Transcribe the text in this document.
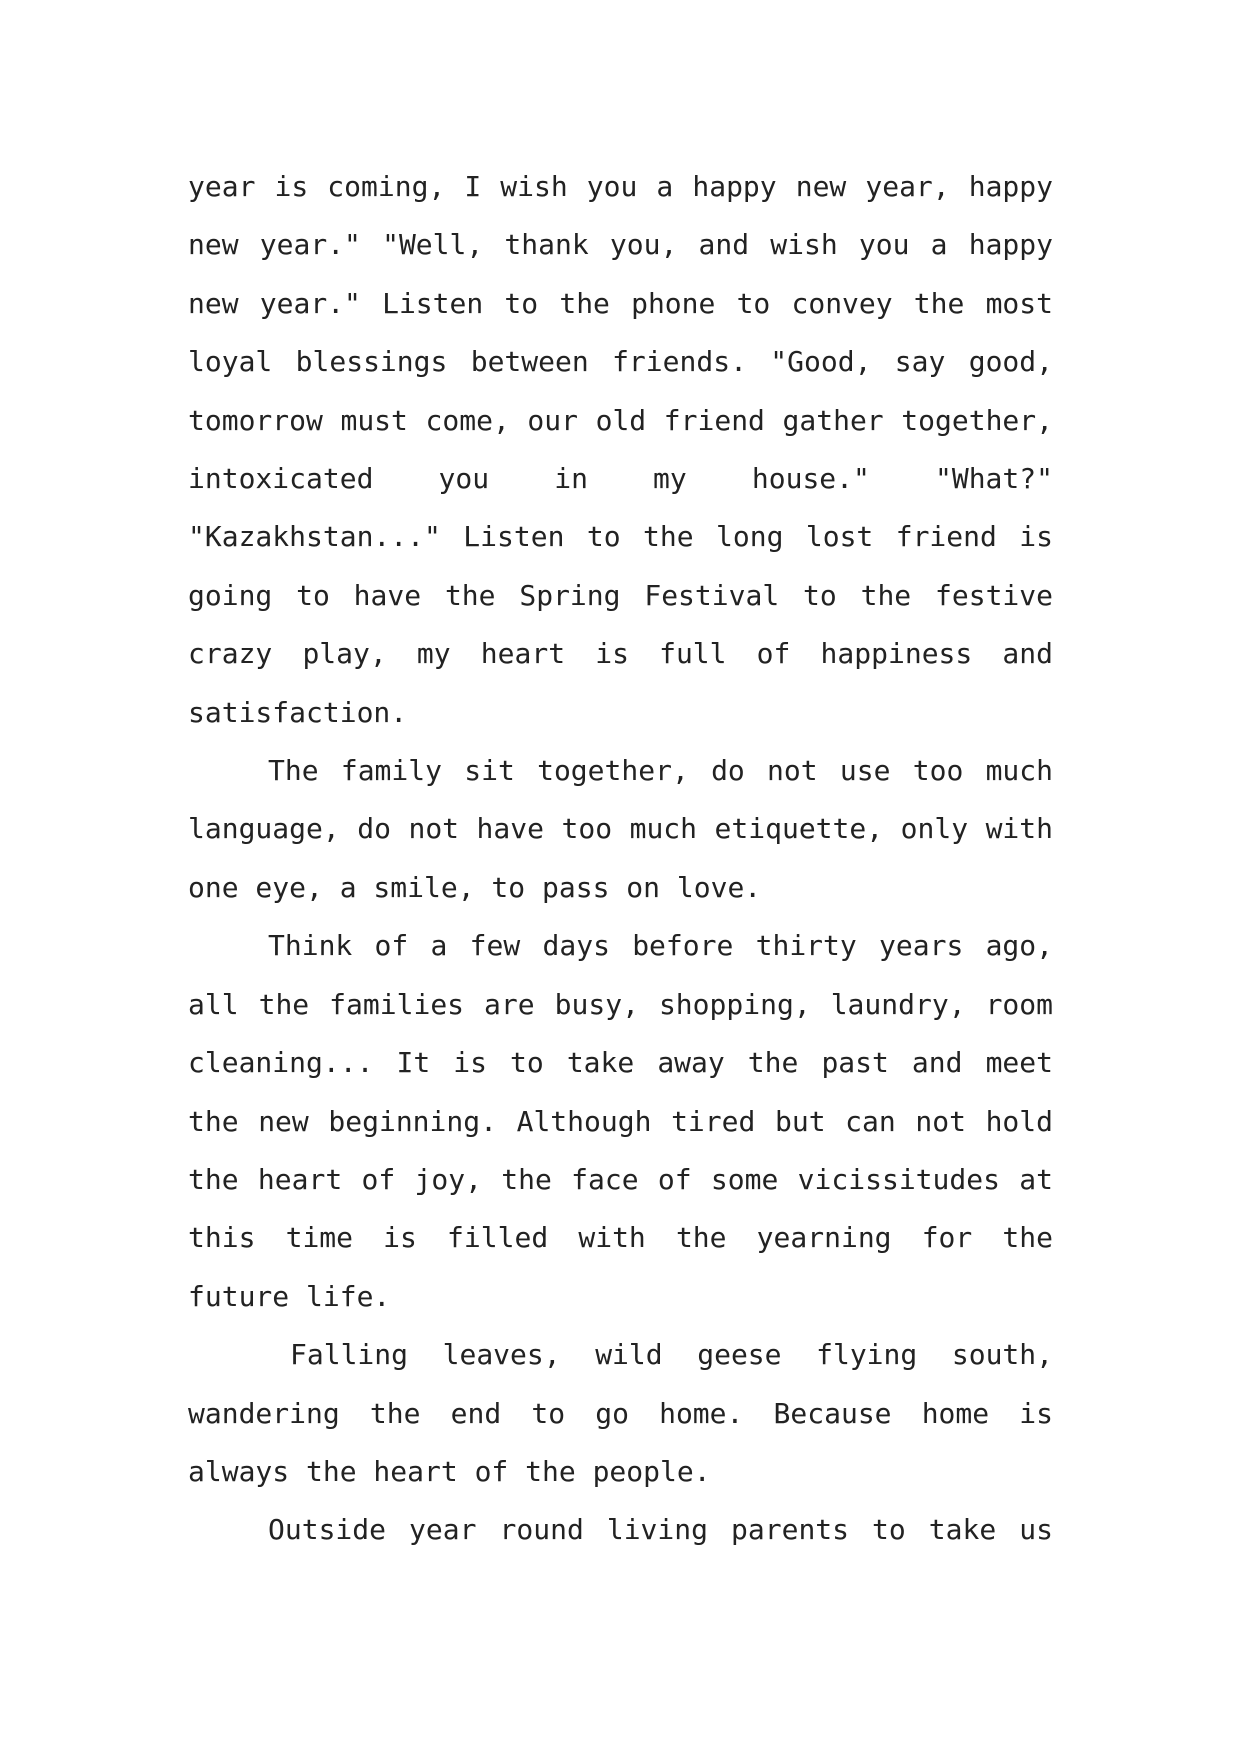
year is coming, I wish you a happy new year, happy new year." "Well, thank you, and wish you a happy new year." Listen to the phone to convey the most loyal blessings between friends. "Good, say good, tomorrow must come, our old friend gather together, intoxicated you in my house." "What?" "Kazakhstan..." Listen to the long lost friend is going to have the Spring Festival to the festive crazy play, my heart is full of happiness and satisfaction.

The family sit together, do not use too much language, do not have too much etiquette, only with one eye, a smile, to pass on love.

Think of a few days before thirty years ago, all the families are busy, shopping, laundry, room cleaning... It is to take away the past and meet the new beginning. Although tired but can not hold the heart of joy, the face of some vicissitudes at this time is filled with the yearning for the future life.

Falling leaves, wild geese flying south, wandering the end to go home. Because home is always the heart of the people.

Outside year round living parents to take us
